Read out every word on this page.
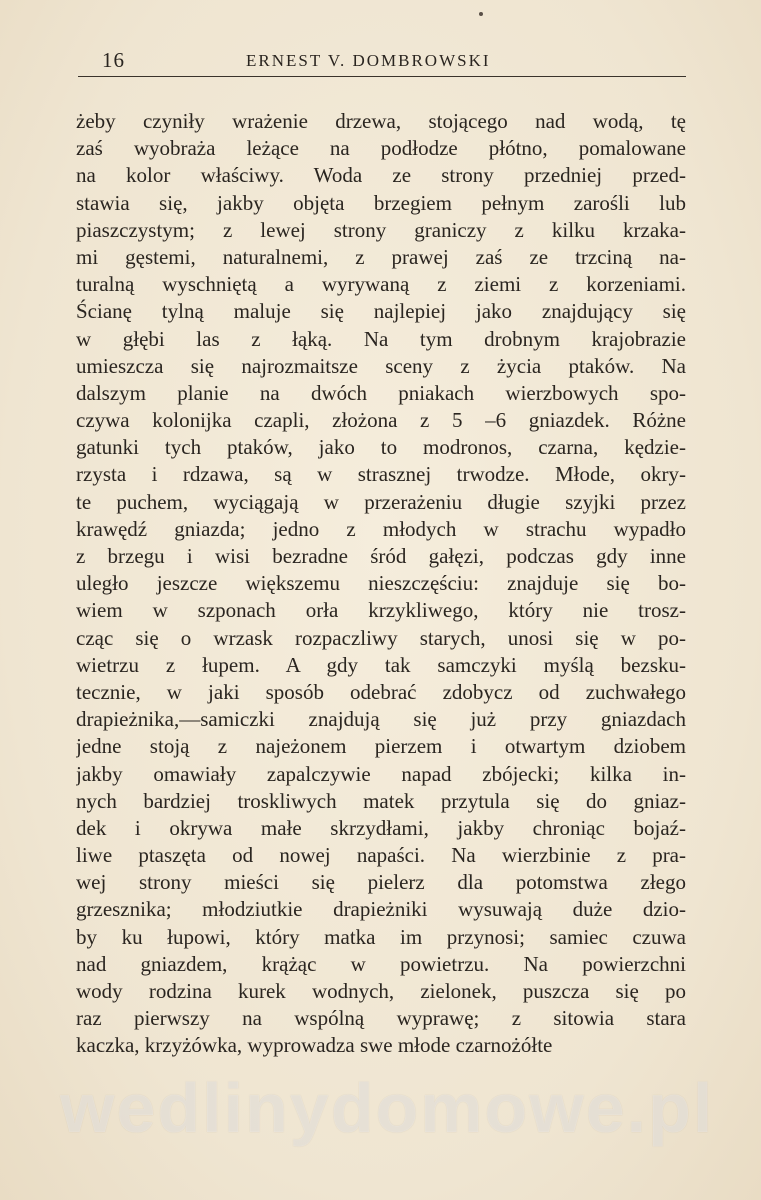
16	ERNEST V. DOMBROWSKI
żeby czyniły wrażenie drzewa, stojącego nad wodą, tę
zaś wyobraża leżące na podłodze płótno, pomalowane
na kolor właściwy. Woda ze strony przedniej przed-
stawia się, jakby objęta brzegiem pełnym zarośli lub
piaszczystym; z lewej strony graniczy z kilku krzaka-
mi gęstemi, naturalnemi, z prawej zaś ze trzciną na-
turalną wyschniętą a wyrywaną z ziemi z korzeniami.
Ścianę tylną maluje się najlepiej jako znajdujący się
w głębi las z łąką. Na tym drobnym krajobrazie
umieszcza się najrozmaitsze sceny z życia ptaków. Na
dalszym planie na dwóch pniakach wierzbowych spo-
czywa kolonijka czapli, złożona z 5 –6 gniazdek. Różne
gatunki tych ptaków, jako to modronos, czarna, kędzie-
rzysta i rdzawa, są w strasznej trwodze. Młode, okry-
te puchem, wyciągają w przerażeniu długie szyjki przez
krawędź gniazda; jedno z młodych w strachu wypadło
z brzegu i wisi bezradne śród gałęzi, podczas gdy inne
uległo jeszcze większemu nieszczęściu: znajduje się bo-
wiem w szponach orła krzykliwego, który nie trosz-
cząc się o wrzask rozpaczliwy starych, unosi się w po-
wietrzu z łupem. A gdy tak samczyki myślą bezsku-
tecznie, w jaki sposób odebrać zdobycz od zuchwałego
drapieżnika,—samiczki znajdują się już przy gniazdach
jedne stoją z najeżonem pierzem i otwartym dziobem
jakby omawiały zapalczywie napad zbójecki; kilka in-
nych bardziej troskliwych matek przytula się do gniaz-
dek i okrywa małe skrzydłami, jakby chroniąc bojaź-
liwe ptaszęta od nowej napaści. Na wierzbinie z pra-
wej strony mieści się pielerz dla potomstwa złego
grzesznika; młodziutkie drapieżniki wysuwają duże dzio-
by ku łupowi, który matka im przynosi; samiec czuwa
nad gniazdem, krążąc w powietrzu. Na powierzchni
wody rodzina kurek wodnych, zielonek, puszcza się po
raz pierwszy na wspólną wyprawę; z sitowia stara
kaczka, krzyżówka, wyprowadza swe młode czarnożółte
wedlinydomowe.pl
